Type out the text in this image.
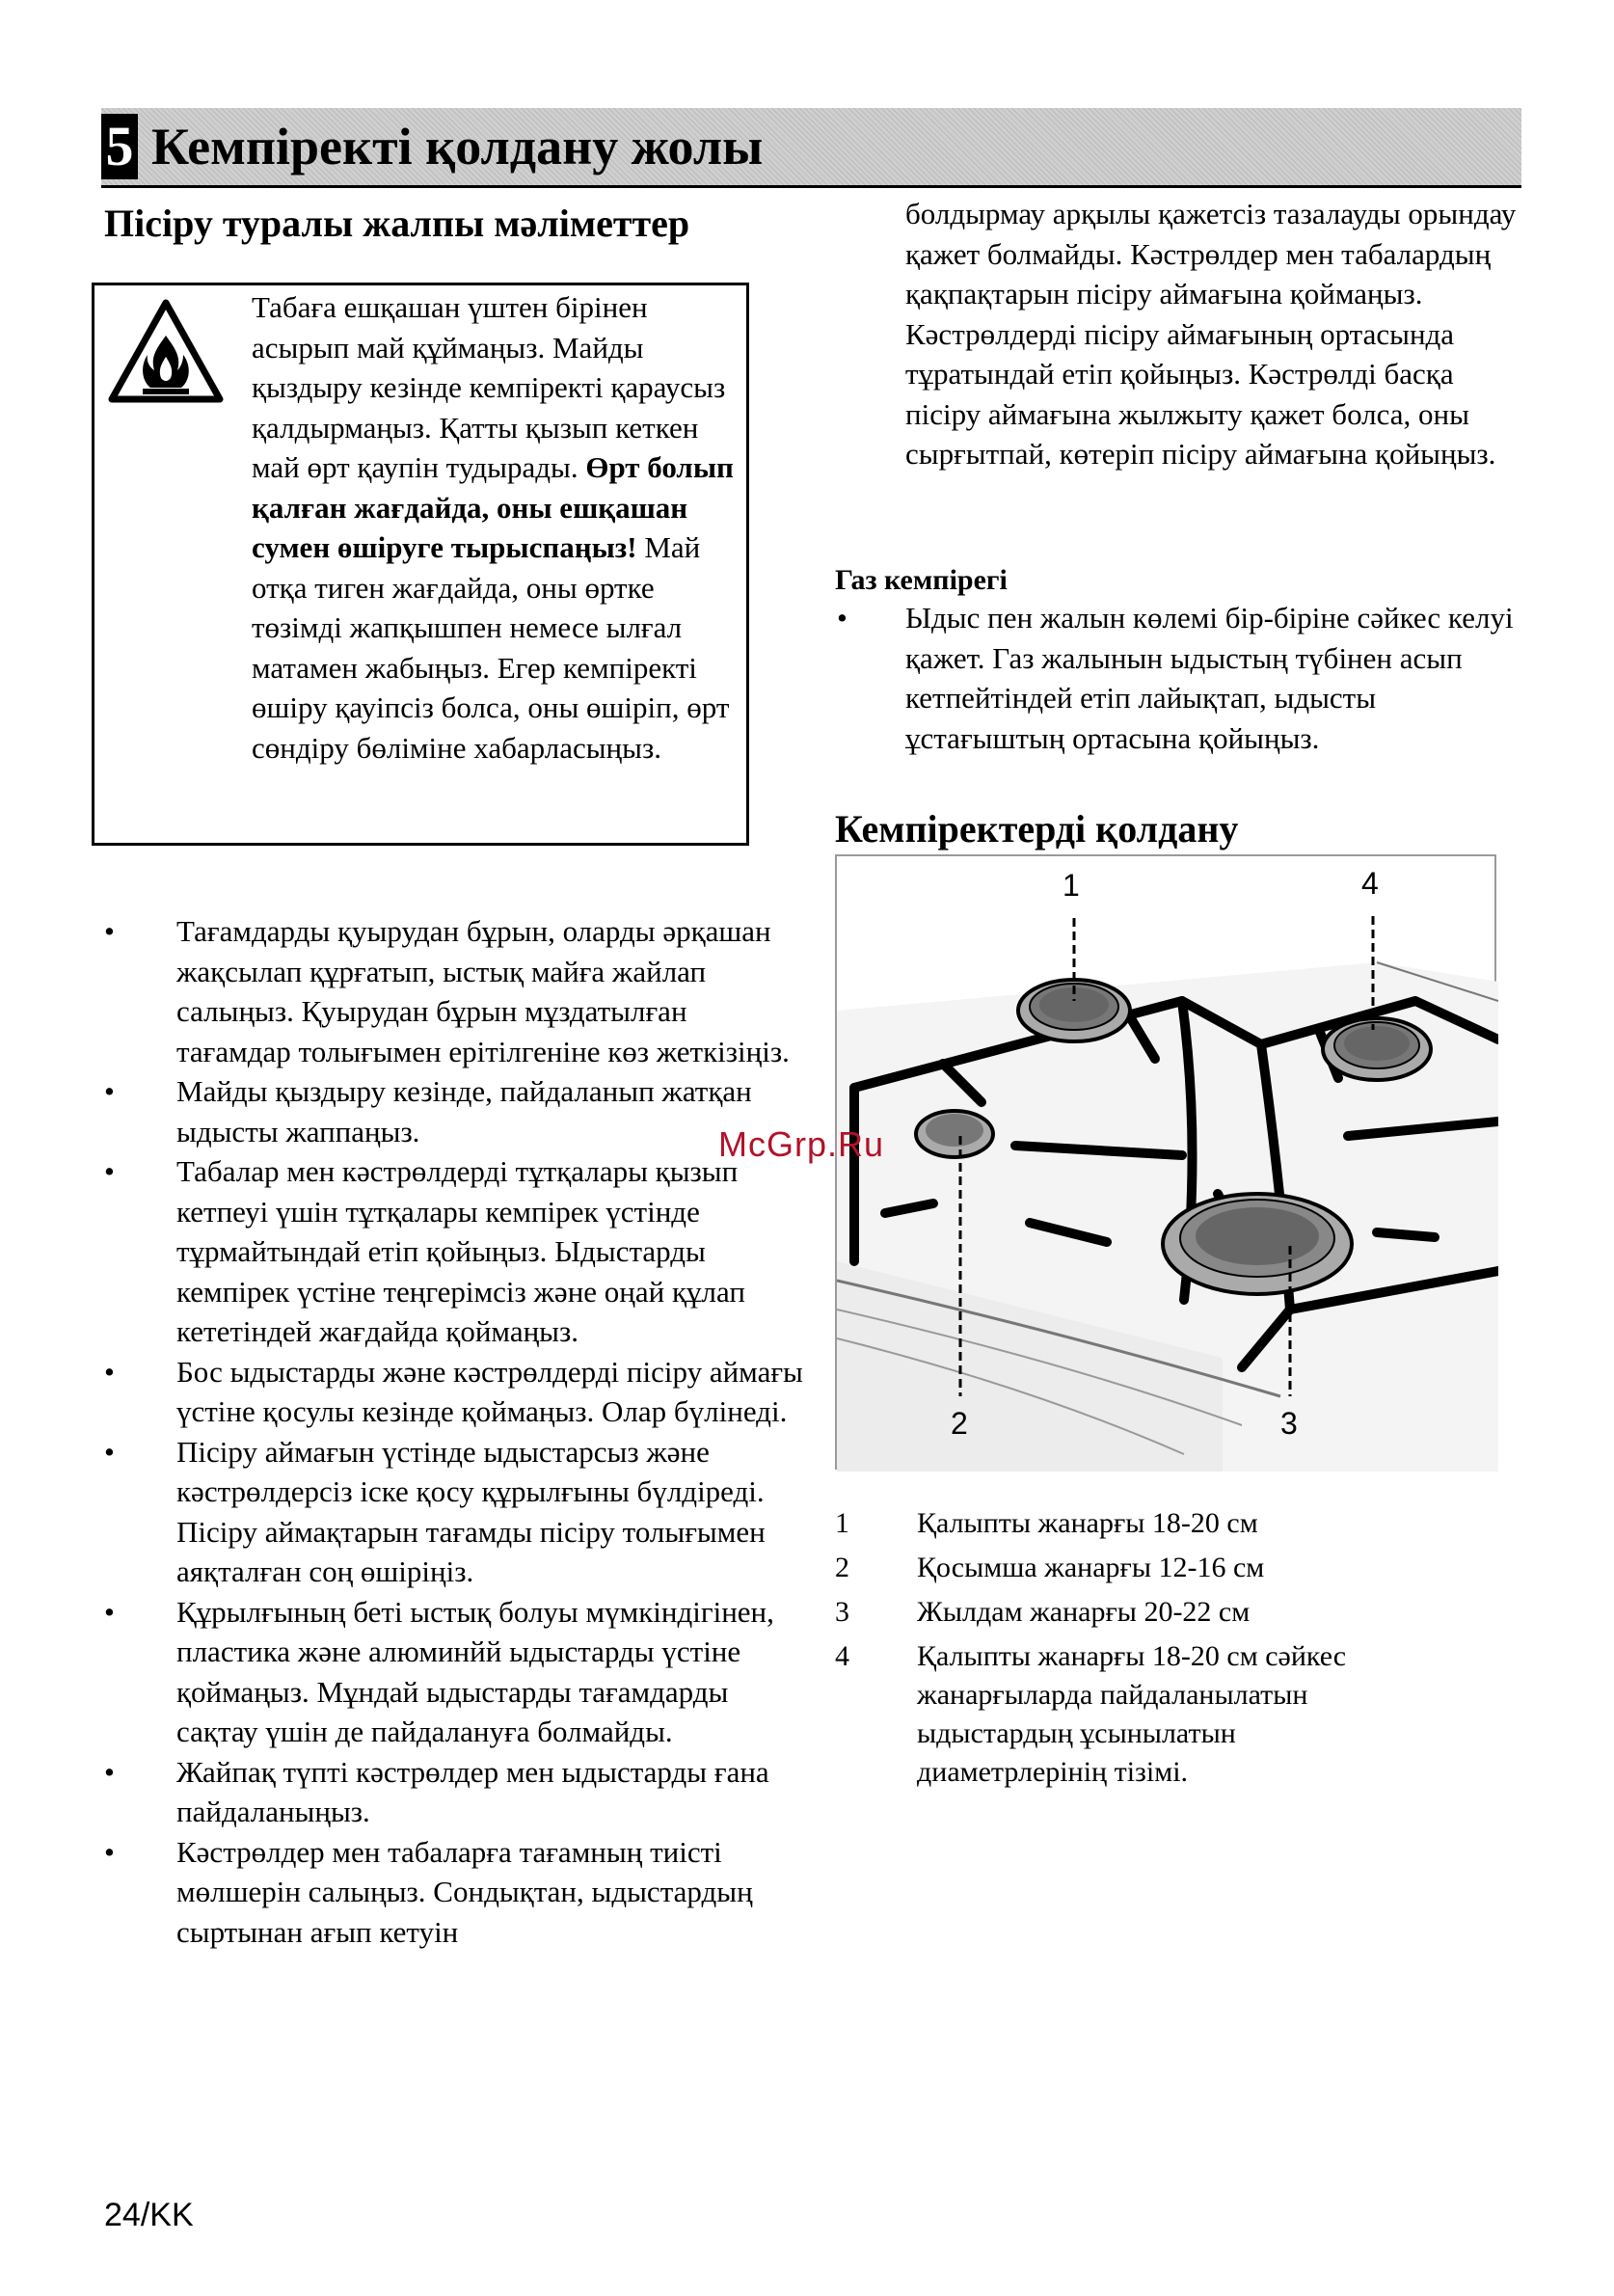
5 Кемпіректі қолдану жолы
Пісіру туралы жалпы мәліметтер
Табаға ешқашан үштен бірінен асырып май құймаңыз. Майды қыздыру кезінде кемпіректі қараусыз қалдырмаңыз. Қатты қызып кеткен май өрт қаупін тудырады. Өрт болып қалған жағдайда, оны ешқашан сумен өшіруге тырыспаңыз! Май отқа тиген жағдайда, оны өртке төзімді жапқышпен немесе ылғал матамен жабыңыз. Егер кемпіректі өшіру қауіпсіз болса, оны өшіріп, өрт сөндіру бөліміне хабарласыңыз.
• Тағамдарды қуырудан бұрын, оларды әрқашан жақсылап құрғатып, ыстық майға жайлап салыңыз. Қуырудан бұрын мұздатылған тағамдар толығымен ерітілгеніне көз жеткізіңіз.
• Майды қыздыру кезінде, пайдаланып жатқан ыдысты жаппаңыз.
• Табалар мен кәстрөлдерді тұтқалары қызып кетпеуі үшін тұтқалары кемпірек үстінде тұрмайтындай етіп қойыңыз. Ыдыстарды кемпірек үстіне теңгерімсіз және оңай құлап кететіндей жағдайда қоймаңыз.
• Бос ыдыстарды және кәстрөлдерді пісіру аймағы үстіне қосулы кезінде қоймаңыз. Олар бүлінеді.
• Пісіру аймағын үстінде ыдыстарсыз және кәстрөлдерсіз іске қосу құрылғыны бүлдіреді. Пісіру аймақтарын тағамды пісіру толығымен аяқталған соң өшіріңіз.
• Құрылғының беті ыстық болуы мүмкіндігінен, пластика және алюминйй ыдыстарды үстіне қоймаңыз. Мұндай ыдыстарды тағамдарды сақтау үшін де пайдалануға болмайды.
• Жайпақ түпті кәстрөлдер мен ыдыстарды ғана пайдаланыңыз.
• Кәстрөлдер мен табаларға тағамның тиісті мөлшерін салыңыз. Сондықтан, ыдыстардың сыртынан ағып кетуін
болдырмау арқылы қажетсіз тазалауды орындау қажет болмайды. Кәстрөлдер мен табалардың қақпақтарын пісіру аймағына қоймаңыз. Кәстрөлдерді пісіру аймағының ортасында тұратындай етіп қойыңыз. Кәстрөлді басқа пісіру аймағына жылжыту қажет болса, оны сырғытпай, көтеріп пісіру аймағына қойыңыз.
Газ кемпірегі
• Ыдыс пен жалын көлемі бір-біріне сәйкес келуі қажет. Газ жалынын ыдыстың түбінен асып кетпейтіндей етіп лайықтап, ыдысты ұстағыштың ортасына қойыңыз.
Кемпіректерді қолдану
1	4
2	3
1	Қалыпты жанарғы 18-20 см
2	Қосымша жанарғы 12-16 см
3	Жылдам жанарғы 20-22 см
4	Қалыпты жанарғы 18-20 см сәйкес жанарғыларда пайдаланылатын ыдыстардың ұсынылатын диаметрлерінің тізімі.
McGrp.Ru
24/KK
